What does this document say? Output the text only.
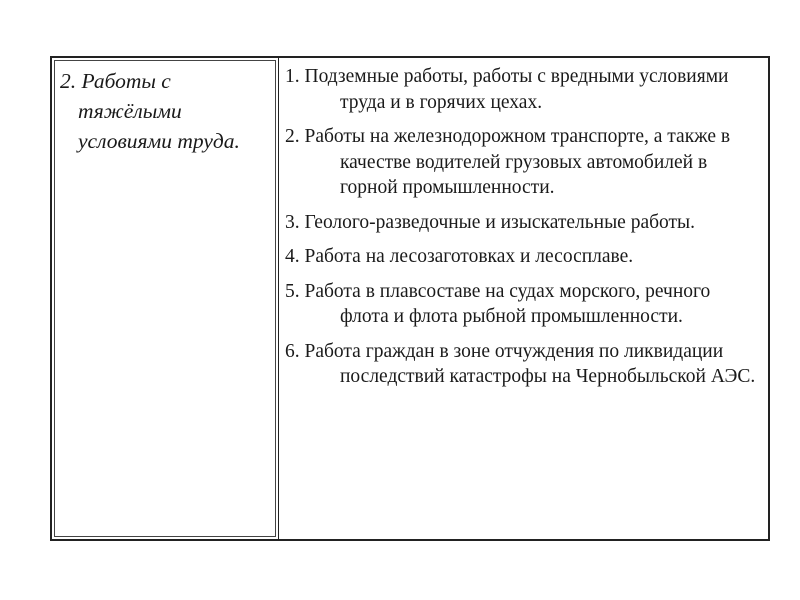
2. Работы с тяжёлыми условиями труда.

1. Подземные работы, работы с вредными условиями труда и в горячих цехах.

2. Работы на железнодорожном транспорте, а также в качестве водителей грузовых автомобилей в горной промышленности.

3. Геолого-разведочные и изыскательные работы.

4. Работа на лесозаготовках и лесосплаве.

5. Работа в плавсоставе на судах морского, речного флота и флота рыбной промышленности.

6. Работа граждан в зоне отчуждения по ликвидации последствий катастрофы на Чернобыльской АЭС.
